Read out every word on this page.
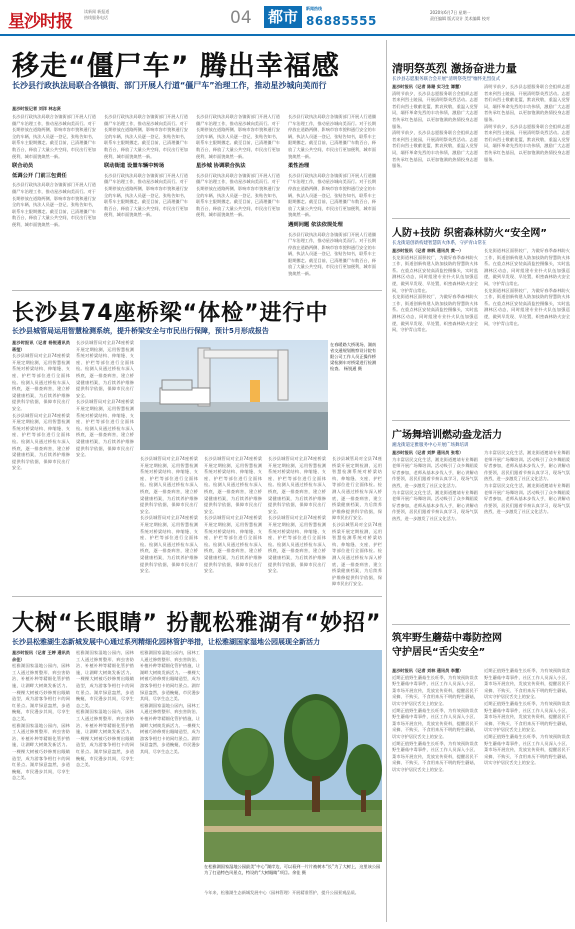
星沙时报
读新闻 新报道
热线服务电话	04 都市	新闻热线
86885555
2020年6月7日 星期一
责任编辑 版式设计 美术编辑 校对
移走“僵尸车” 腾出幸福感
长沙县行政执法局联合各镇街、部门开展人行道“僵尸车”治理工作，推动星沙城向美而行
星沙时报记者 刘洋 林志贤
长沙县行政执法局联合各镇街部门开展人行道僵尸车治理工作，推动星沙城向美而行。对于长期停放在道路两侧、影响市容市貌和通行安全的车辆，执法人员逐一登记、张贴告知书，联系车主限期挪走。截至目前，已清理僵尸车数百台，释放了大量公共空间，市民出行更加便利，城市面貌焕然一新。
联合动员
低调公开 门前三包责任
长沙县行政执法局联合各镇街部门开展人行道僵尸车治理工作，推动星沙城向美而行。对于长期停放在道路两侧、影响市容市貌和通行安全的车辆，执法人员逐一登记、张贴告知书，联系车主限期挪走。截至目前，已清理僵尸车数百台，释放了大量公共空间，市民出行更加便利，城市面貌焕然一新。
长沙县行政执法局联合各镇街部门开展人行道僵尸车治理工作，推动星沙城向美而行。对于长期停放在道路两侧、影响市容市貌和通行安全的车辆，执法人员逐一登记、张贴告知书，联系车主限期挪走。截至目前，已清理僵尸车数百台，释放了大量公共空间，市民出行更加便利，城市面貌焕然一新。
联动街道 设置车辆中转场
长沙县行政执法局联合各镇街部门开展人行道僵尸车治理工作，推动星沙城向美而行。对于长期停放在道路两侧、影响市容市貌和通行安全的车辆，执法人员逐一登记、张贴告知书，联系车主限期挪走。截至目前，已清理僵尸车数百台，释放了大量公共空间，市民出行更加便利，城市面貌焕然一新。
长沙县行政执法局联合各镇街部门开展人行道僵尸车治理工作，推动星沙城向美而行。对于长期停放在道路两侧、影响市容市貌和通行安全的车辆，执法人员逐一登记、张贴告知书，联系车主限期挪走。截至目前，已清理僵尸车数百台，释放了大量公共空间，市民出行更加便利，城市面貌焕然一新。
星沙城 协调联合执法
长沙县行政执法局联合各镇街部门开展人行道僵尸车治理工作，推动星沙城向美而行。对于长期停放在道路两侧、影响市容市貌和通行安全的车辆，执法人员逐一登记、张贴告知书，联系车主限期挪走。截至目前，已清理僵尸车数百台，释放了大量公共空间，市民出行更加便利，城市面貌焕然一新。
长沙县行政执法局联合各镇街部门开展人行道僵尸车治理工作，推动星沙城向美而行。对于长期停放在道路两侧、影响市容市貌和通行安全的车辆，执法人员逐一登记、张贴告知书，联系车主限期挪走。截至目前，已清理僵尸车数百台，释放了大量公共空间，市民出行更加便利，城市面貌焕然一新。
柔性治理
长沙县行政执法局联合各镇街部门开展人行道僵尸车治理工作，推动星沙城向美而行。对于长期停放在道路两侧、影响市容市貌和通行安全的车辆，执法人员逐一登记、张贴告知书，联系车主限期挪走。截至目前，已清理僵尸车数百台，释放了大量公共空间，市民出行更加便利，城市面貌焕然一新。
遇到问题 依法依规处理
长沙县行政执法局联合各镇街部门开展人行道僵尸车治理工作，推动星沙城向美而行。对于长期停放在道路两侧、影响市容市貌和通行安全的车辆，执法人员逐一登记、张贴告知书，联系车主限期挪走。截至目前，已清理僵尸车数百台，释放了大量公共空间，市民出行更加便利，城市面貌焕然一新。
长沙县74座桥梁“体检”进行中
长沙县城管局运用智慧检测系统，提升桥梁安全与市民出行保障，预计5月形成报告
星沙时报讯（记者 杨锐通讯员 蒋莹）
长沙县城管局对全县74座桥梁开展定期检测，运用智慧检测系统对桥梁结构、伸缩缝、支座、护栏等部位进行全面体检。检测人员通过桥检车深入桥底，逐一排查病害，建立桥梁健康档案，为后续养护维修提供科学依据，保障市民出行安全。
长沙县城管局对全县74座桥梁开展定期检测，运用智慧检测系统对桥梁结构、伸缩缝、支座、护栏等部位进行全面体检。检测人员通过桥检车深入桥底，逐一排查病害，建立桥梁健康档案，为后续养护维修提供科学依据，保障市民出行安全。
长沙县城管局对全县74座桥梁开展定期检测，运用智慧检测系统对桥梁结构、伸缩缝、支座、护栏等部位进行全面体检。检测人员通过桥检车深入桥底，逐一排查病害，建立桥梁健康档案，为后续养护维修提供科学依据，保障市民出行安全。
长沙县城管局对全县74座桥梁开展定期检测，运用智慧检测系统对桥梁结构、伸缩缝、支座、护栏等部位进行全面体检。检测人员通过桥检车深入桥底，逐一排查病害，建立桥梁健康档案，为后续养护维修提供科学依据，保障市民出行安全。
在春暖路大桥现场，湖南省交通规划勘察设计院有限公司工作人员正操作桥梁检测车对桥梁进行检测检查。 杨锐通 摄
长沙县城管局对全县74座桥梁开展定期检测，运用智慧检测系统对桥梁结构、伸缩缝、支座、护栏等部位进行全面体检。检测人员通过桥检车深入桥底，逐一排查病害，建立桥梁健康档案，为后续养护维修提供科学依据，保障市民出行安全。
长沙县城管局对全县74座桥梁开展定期检测，运用智慧检测系统对桥梁结构、伸缩缝、支座、护栏等部位进行全面体检。检测人员通过桥检车深入桥底，逐一排查病害，建立桥梁健康档案，为后续养护维修提供科学依据，保障市民出行安全。
长沙县城管局对全县74座桥梁开展定期检测，运用智慧检测系统对桥梁结构、伸缩缝、支座、护栏等部位进行全面体检。检测人员通过桥检车深入桥底，逐一排查病害，建立桥梁健康档案，为后续养护维修提供科学依据，保障市民出行安全。
长沙县城管局对全县74座桥梁开展定期检测，运用智慧检测系统对桥梁结构、伸缩缝、支座、护栏等部位进行全面体检。检测人员通过桥检车深入桥底，逐一排查病害，建立桥梁健康档案，为后续养护维修提供科学依据，保障市民出行安全。
长沙县城管局对全县74座桥梁开展定期检测，运用智慧检测系统对桥梁结构、伸缩缝、支座、护栏等部位进行全面体检。检测人员通过桥检车深入桥底，逐一排查病害，建立桥梁健康档案，为后续养护维修提供科学依据，保障市民出行安全。
长沙县城管局对全县74座桥梁开展定期检测，运用智慧检测系统对桥梁结构、伸缩缝、支座、护栏等部位进行全面体检。检测人员通过桥检车深入桥底，逐一排查病害，建立桥梁健康档案，为后续养护维修提供科学依据，保障市民出行安全。
长沙县城管局对全县74座桥梁开展定期检测，运用智慧检测系统对桥梁结构、伸缩缝、支座、护栏等部位进行全面体检。检测人员通过桥检车深入桥底，逐一排查病害，建立桥梁健康档案，为后续养护维修提供科学依据，保障市民出行安全。
长沙县城管局对全县74座桥梁开展定期检测，运用智慧检测系统对桥梁结构、伸缩缝、支座、护栏等部位进行全面体检。检测人员通过桥检车深入桥底，逐一排查病害，建立桥梁健康档案，为后续养护维修提供科学依据，保障市民出行安全。
大树“长眼睛” 扮靓松雅湖有“妙招”
长沙县松雅湖生态新城发展中心通过系列精细化园林管护举措，让松雅湖国家湿地公园展现全新活力
星沙时报讯（记者 王婷 通讯员 余佳）
松雅湖国家湿地公园内，园林工人通过修剪整形、病虫害防治、补植补种等精细化管护措施，让湖畔大树焕发新活力。一棵棵大树被巧妙修剪出眼睛造型，成为游客争相打卡的网红景点。湖岸绿意盎然，步道蜿蜒，市民漫步其间，尽享生态之美。
松雅湖国家湿地公园内，园林工人通过修剪整形、病虫害防治、补植补种等精细化管护措施，让湖畔大树焕发新活力。一棵棵大树被巧妙修剪出眼睛造型，成为游客争相打卡的网红景点。湖岸绿意盎然，步道蜿蜒，市民漫步其间，尽享生态之美。
松雅湖国家湿地公园内，园林工人通过修剪整形、病虫害防治、补植补种等精细化管护措施，让湖畔大树焕发新活力。一棵棵大树被巧妙修剪出眼睛造型，成为游客争相打卡的网红景点。湖岸绿意盎然，步道蜿蜒，市民漫步其间，尽享生态之美。
松雅湖国家湿地公园内，园林工人通过修剪整形、病虫害防治、补植补种等精细化管护措施，让湖畔大树焕发新活力。一棵棵大树被巧妙修剪出眼睛造型，成为游客争相打卡的网红景点。湖岸绿意盎然，步道蜿蜒，市民漫步其间，尽享生态之美。
松雅湖国家湿地公园内，园林工人通过修剪整形、病虫害防治、补植补种等精细化管护措施，让湖畔大树焕发新活力。一棵棵大树被巧妙修剪出眼睛造型，成为游客争相打卡的网红景点。湖岸绿意盎然，步道蜿蜒，市民漫步其间，尽享生态之美。
松雅湖国家湿地公园内，园林工人通过修剪整形、病虫害防治、补植补种等精细化管护措施，让湖畔大树焕发新活力。一棵棵大树被巧妙修剪出眼睛造型，成为游客争相打卡的网红景点。湖岸绿意盎然，步道蜿蜒，市民漫步其间，尽享生态之美。
在松雅湖国家湿地公园最美“中心”湖岸边，可以看到一片片被树木“长”为了大树上，这里该公园为了打造特色风景点，特设的“大树眼睛”项目。余佳 摄
今年来，松雅湖生态新城发展中心（园林管理）开展精准管护，提升公园景观品质。
清明祭英烈 激扬奋进力量
长沙县志愿服务联合会开展“清明祭英烈”缅怀先烈仪式
星沙时报讯（记者 陈珊 实习生 谭慧）
清明节前夕，长沙县志愿服务联合会组织志愿者来到烈士陵园，开展清明祭英烈活动。志愿者们向烈士敬献花篮，默哀致敬，重温入党誓词，缅怀革命先烈的丰功伟绩，激励广大志愿者传承红色基因，以更加饱满的热情投身志愿服务。
清明节前夕，长沙县志愿服务联合会组织志愿者来到烈士陵园，开展清明祭英烈活动。志愿者们向烈士敬献花篮，默哀致敬，重温入党誓词，缅怀革命先烈的丰功伟绩，激励广大志愿者传承红色基因，以更加饱满的热情投身志愿服务。
清明节前夕，长沙县志愿服务联合会组织志愿者来到烈士陵园，开展清明祭英烈活动。志愿者们向烈士敬献花篮，默哀致敬，重温入党誓词，缅怀革命先烈的丰功伟绩，激励广大志愿者传承红色基因，以更加饱满的热情投身志愿服务。
清明节前夕，长沙县志愿服务联合会组织志愿者来到烈士陵园，开展清明祭英烈活动。志愿者们向烈士敬献花篮，默哀致敬，重温入党誓词，缅怀革命先烈的丰功伟绩，激励广大志愿者传承红色基因，以更加饱满的热情投身志愿服务。
人防+技防 织密森林防火“安全网”
长龙街道创新构建智慧防火体系，守护青山常在
星沙时报讯（记者 林枫 通讯员 黄一）
长龙街道林区面积较广，为做好春季森林防火工作，街道创新构建人防加技防的智慧防火体系。在重点林区安装高清监控摄像头，实时监测林区动态，同时组建专业扑火队伍加强巡逻，做到早发现、早处置，织密森林防火安全网，守护青山常在。
长龙街道林区面积较广，为做好春季森林防火工作，街道创新构建人防加技防的智慧防火体系。在重点林区安装高清监控摄像头，实时监测林区动态，同时组建专业扑火队伍加强巡逻，做到早发现、早处置，织密森林防火安全网，守护青山常在。
长龙街道林区面积较广，为做好春季森林防火工作，街道创新构建人防加技防的智慧防火体系。在重点林区安装高清监控摄像头，实时监测林区动态，同时组建专业扑火队伍加强巡逻，做到早发现、早处置，织密森林防火安全网，守护青山常在。
长龙街道林区面积较广，为做好春季森林防火工作，街道创新构建人防加技防的智慧防火体系。在重点林区安装高清监控摄像头，实时监测林区动态，同时组建专业扑火队伍加强巡逻，做到早发现、早处置，织密森林防火安全网，守护青山常在。
广场舞培训燃动盎龙活力
湘龙街道定雅服务中心开展广场舞培训
星沙时报讯（记者 刘梦 通讯员 张希）
为丰富居民文化生活，湘龙街道邀请专业舞蹈老师开展广场舞培训。活动吸引了众多舞蹈爱好者参加，老师从基本步伐入手，耐心讲解动作要领，居民们跟着节奏认真学习，现场气氛热烈，进一步激发了社区文化活力。
为丰富居民文化生活，湘龙街道邀请专业舞蹈老师开展广场舞培训。活动吸引了众多舞蹈爱好者参加，老师从基本步伐入手，耐心讲解动作要领，居民们跟着节奏认真学习，现场气氛热烈，进一步激发了社区文化活力。
为丰富居民文化生活，湘龙街道邀请专业舞蹈老师开展广场舞培训。活动吸引了众多舞蹈爱好者参加，老师从基本步伐入手，耐心讲解动作要领，居民们跟着节奏认真学习，现场气氛热烈，进一步激发了社区文化活力。
为丰富居民文化生活，湘龙街道邀请专业舞蹈老师开展广场舞培训。活动吸引了众多舞蹈爱好者参加，老师从基本步伐入手，耐心讲解动作要领，居民们跟着节奏认真学习，现场气氛热烈，进一步激发了社区文化活力。
筑牢野生蘑菇中毒防控网 守护居民“舌尖安全”
星沙时报讯（记者 刘林 通讯员 李慧）
近期正值野生蘑菇生长旺季，为有效预防误食野生蘑菇中毒事件，社区工作人员深入小区、菜市场开展宣传，发放宣传资料，提醒居民不采摘、不购买、不食用来历不明的野生蘑菇，切实守护居民舌尖上的安全。
近期正值野生蘑菇生长旺季，为有效预防误食野生蘑菇中毒事件，社区工作人员深入小区、菜市场开展宣传，发放宣传资料，提醒居民不采摘、不购买、不食用来历不明的野生蘑菇，切实守护居民舌尖上的安全。
近期正值野生蘑菇生长旺季，为有效预防误食野生蘑菇中毒事件，社区工作人员深入小区、菜市场开展宣传，发放宣传资料，提醒居民不采摘、不购买、不食用来历不明的野生蘑菇，切实守护居民舌尖上的安全。
近期正值野生蘑菇生长旺季，为有效预防误食野生蘑菇中毒事件，社区工作人员深入小区、菜市场开展宣传，发放宣传资料，提醒居民不采摘、不购买、不食用来历不明的野生蘑菇，切实守护居民舌尖上的安全。
近期正值野生蘑菇生长旺季，为有效预防误食野生蘑菇中毒事件，社区工作人员深入小区、菜市场开展宣传，发放宣传资料，提醒居民不采摘、不购买、不食用来历不明的野生蘑菇，切实守护居民舌尖上的安全。
近期正值野生蘑菇生长旺季，为有效预防误食野生蘑菇中毒事件，社区工作人员深入小区、菜市场开展宣传，发放宣传资料，提醒居民不采摘、不购买、不食用来历不明的野生蘑菇，切实守护居民舌尖上的安全。
